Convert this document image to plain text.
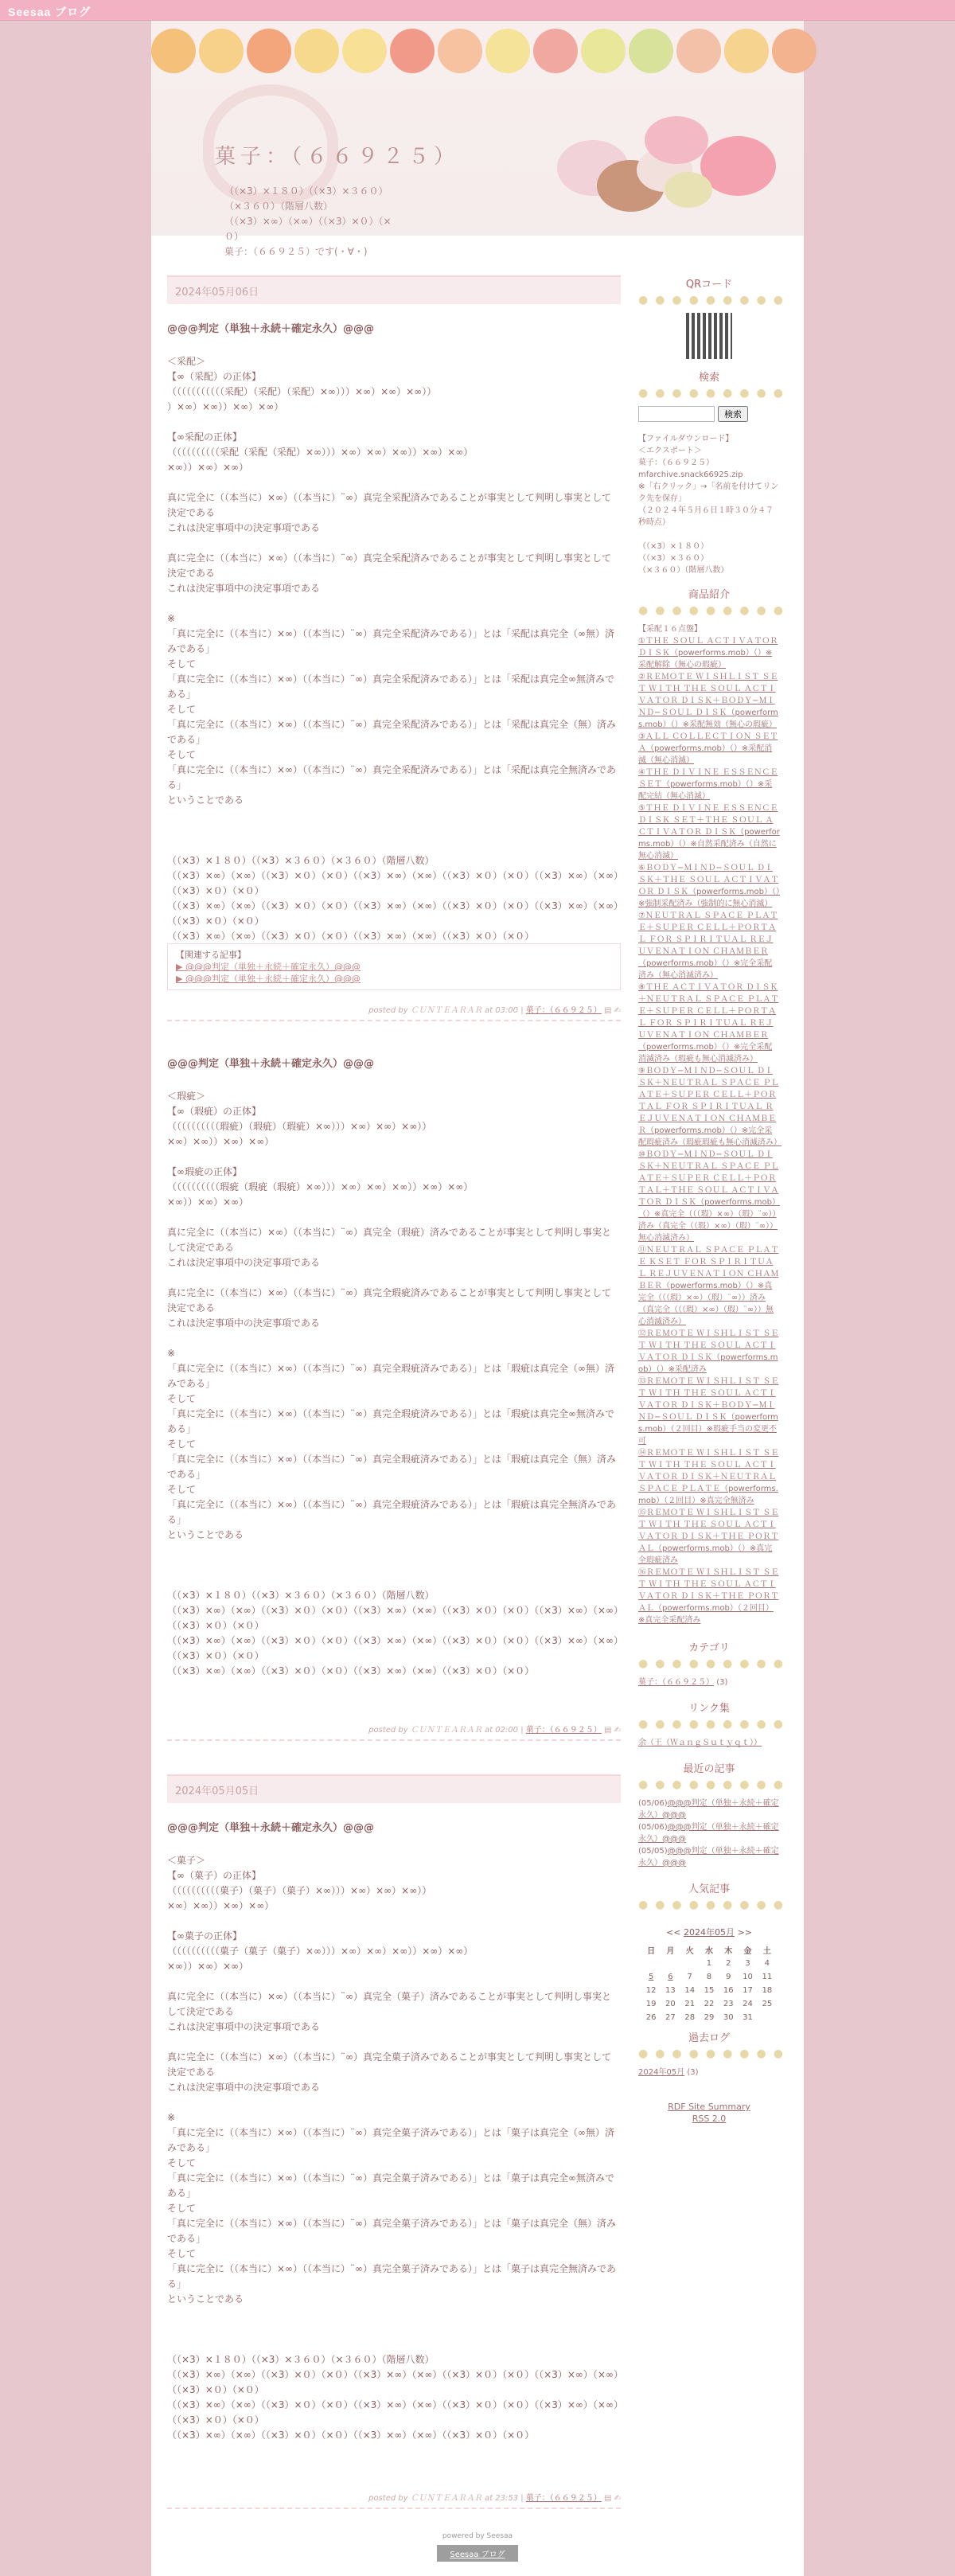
Seesaa ブログ
菓子：（６６９２５）
（（×3）×１８０）（（×3）×３６０）
（×３６０）（階層八数）
（（×3）×∞）（×∞）（（×3）×０）（×
０）
菓子：（６６９２５）です(・∀・)
2024年05月06日
@@@判定（単独＋永続＋確定永久）@@@
＜采配＞
【∞（采配）の正体】
（（（（（（（（（（（采配）（采配）（采配）×∞）））×∞）×∞）×∞））
）×∞）×∞））×∞）×∞）

【∞采配の正体】
（（（（（（（（（（采配（采配（采配）×∞）））×∞）×∞）×∞））×∞）×∞）
×∞））×∞）×∞）

真に完全に（（本当に）×∞）（（本当に）¨∞）真完全采配済みであることが事実として判明し事実として決定である
これは決定事項中の決定事項である

真に完全に（（本当に）×∞）（（本当に）¨∞）真完全采配済みであることが事実として判明し事実として決定である
これは決定事項中の決定事項である

※
「真に完全に（（本当に）×∞）（（本当に）¨∞）真完全采配済みである）」とは「采配は真完全（∞無）済みである」
そして
「真に完全に（（本当に）×∞）（（本当に）¨∞）真完全采配済みである）」とは「采配は真完全∞無済みである」
そして
「真に完全に（（本当に）×∞）（（本当に）¨∞）真完全采配済みである）」とは「采配は真完全（無）済みである」
そして
「真に完全に（（本当に）×∞）（（本当に）¨∞）真完全采配済みである）」とは「采配は真完全無済みである」
ということである

（（×3）×１８０）（（×3）×３６０）（×３６０）（階層八数）
（（×3）×∞）（×∞）（（×3）×０）（×０）（（×3）×∞）（×∞）（（×3）×０）（×０）（（×3）×∞）（×∞）（（×3）×０）（×０）
（（×3）×∞）（×∞）（（×3）×０）（×０）（（×3）×∞）（×∞）（（×3）×０）（×０）（（×3）×∞）（×∞）（（×3）×０）（×０）
（（×3）×∞）（×∞）（（×3）×０）（×０）（（×3）×∞）（×∞）（（×3）×０）（×０）
【関連する記事】
▶ @@@判定（単独＋永続＋確定永久）@@@
▶ @@@判定（単独＋永続＋確定永久）@@@
posted by ＣＵＮＴＥＡＲＡＲ at 03:00 | 菓子：（６６９２５） ▤ ✍
@@@判定（単独＋永続＋確定永久）@@@
＜瑕疵＞
【∞（瑕疵）の正体】
（（（（（（（（（（瑕疵）（瑕疵）（瑕疵）×∞）））×∞）×∞）×∞））
×∞）×∞））×∞）×∞）

【∞瑕疵の正体】
（（（（（（（（（（瑕疵（瑕疵（瑕疵）×∞）））×∞）×∞）×∞））×∞）×∞）
×∞））×∞）×∞）

真に完全に（（本当に）×∞）（（本当に）¨∞）真完全（瑕疵）済みであることが事実として判明し事実として決定である
これは決定事項中の決定事項である

真に完全に（（本当に）×∞）（（本当に）¨∞）真完全瑕疵済みであることが事実として判明し事実として決定である
これは決定事項中の決定事項である

※
「真に完全に（（本当に）×∞）（（本当に）¨∞）真完全瑕疵済みである）」とは「瑕疵は真完全（∞無）済みである」
そして
「真に完全に（（本当に）×∞）（（本当に）¨∞）真完全瑕疵済みである）」とは「瑕疵は真完全∞無済みである」
そして
「真に完全に（（本当に）×∞）（（本当に）¨∞）真完全瑕疵済みである）」とは「瑕疵は真完全（無）済みである」
そして
「真に完全に（（本当に）×∞）（（本当に）¨∞）真完全瑕疵済みである）」とは「瑕疵は真完全無済みである」
ということである

（（×3）×１８０）（（×3）×３６０）（×３６０）（階層八数）
（（×3）×∞）（×∞）（（×3）×０）（×０）（（×3）×∞）（×∞）（（×3）×０）（×０）（（×3）×∞）（×∞）（（×3）×０）（×０）
（（×3）×∞）（×∞）（（×3）×０）（×０）（（×3）×∞）（×∞）（（×3）×０）（×０）（（×3）×∞）（×∞）（（×3）×０）（×０）
（（×3）×∞）（×∞）（（×3）×０）（×０）（（×3）×∞）（×∞）（（×3）×０）（×０）
posted by ＣＵＮＴＥＡＲＡＲ at 02:00 | 菓子：（６６９２５） ▤ ✍
2024年05月05日
@@@判定（単独＋永続＋確定永久）@@@
＜菓子＞
【∞（菓子）の正体】
（（（（（（（（（（菓子）（菓子）（菓子）×∞）））×∞）×∞）×∞））
×∞）×∞））×∞）×∞）

【∞菓子の正体】
（（（（（（（（（（菓子（菓子（菓子）×∞）））×∞）×∞）×∞））×∞）×∞）
×∞））×∞）×∞）

真に完全に（（本当に）×∞）（（本当に）¨∞）真完全（菓子）済みであることが事実として判明し事実として決定である
これは決定事項中の決定事項である

真に完全に（（本当に）×∞）（（本当に）¨∞）真完全菓子済みであることが事実として判明し事実として決定である
これは決定事項中の決定事項である

※
「真に完全に（（本当に）×∞）（（本当に）¨∞）真完全菓子済みである）」とは「菓子は真完全（∞無）済みである」
そして
「真に完全に（（本当に）×∞）（（本当に）¨∞）真完全菓子済みである）」とは「菓子は真完全∞無済みである」
そして
「真に完全に（（本当に）×∞）（（本当に）¨∞）真完全菓子済みである）」とは「菓子は真完全（無）済みである」
そして
「真に完全に（（本当に）×∞）（（本当に）¨∞）真完全菓子済みである）」とは「菓子は真完全無済みである」
ということである

（（×3）×１８０）（（×3）×３６０）（×３６０）（階層八数）
（（×3）×∞）（×∞）（（×3）×０）（×０）（（×3）×∞）（×∞）（（×3）×０）（×０）（（×3）×∞）（×∞）（（×3）×０）（×０）
（（×3）×∞）（×∞）（（×3）×０）（×０）（（×3）×∞）（×∞）（（×3）×０）（×０）（（×3）×∞）（×∞）（（×3）×０）（×０）
（（×3）×∞）（×∞）（（×3）×０）（×０）（（×3）×∞）（×∞）（（×3）×０）（×０）
posted by ＣＵＮＴＥＡＲＡＲ at 23:53 | 菓子：（６６９２５） ▤ ✍
QRコード
●●●●●●●●●
検索
●●●●●●●●●
検索
【ファイルダウンロード】
＜エクスポート＞
菓子：（６６９２５）
mfarchive.snack66925.zip
※「右クリック」→「名前を付けてリンク先を保存」
（２０２４年５月６日１時３０分４７秒時点）

（（×3）×１８０）
（（×3）×３６０）
（×３６０）（階層八数）
商品紹介
●●●●●●●●●
【采配１６点盤】
①ＴＨＥ ＳＯＵＬ ＡＣＴＩＶＡＴＯＲ ＤＩＳＫ（powerforms.mob）（）※采配解除（無心の瑕疵）
②ＲＥＭＯＴＥ ＷＩＳＨＬＩＳＴ ＳＥＴ ＷＩＴＨ ＴＨＥ ＳＯＵＬ ＡＣＴＩＶＡＴＯＲ ＤＩＳＫ＋ＢＯＤＹ−ＭＩＮＤ−ＳＯＵＬ ＤＩＳＫ（powerforms.mob）（）※采配無効（無心の瑕疵）
③ＡＬＬ ＣＯＬＬＥＣＴＩＯＮ ＳＥＴ Ａ（powerforms.mob）（）※采配消滅（無心消滅）
④ＴＨＥ ＤＩＶＩＮＥ ＥＳＳＥＮＣＥ ＳＥＴ（powerforms.mob）（）※采配完結（無心消滅）
⑤ＴＨＥ ＤＩＶＩＮＥ ＥＳＳＥＮＣＥ ＤＩＳＫ ＳＥＴ＋ＴＨＥ ＳＯＵＬ ＡＣＴＩＶＡＴＯＲ ＤＩＳＫ（powerforms.mob）（）※自然采配済み（自然に無心消滅）
⑥ＢＯＤＹ−ＭＩＮＤ−ＳＯＵＬ ＤＩＳＫ＋ＴＨＥ ＳＯＵＬ ＡＣＴＩＶＡＴＯＲ ＤＩＳＫ（powerforms.mob）（）※強制采配済み（強制的に無心消滅）
⑦ＮＥＵＴＲＡＬ ＳＰＡＣＥ ＰＬＡＴＥ＋ＳＵＰＥＲ ＣＥＬＬ＋ＰＯＲＴＡＬ ＦＯＲ ＳＰＩＲＩＴＵＡＬ ＲＥＪＵＶＥＮＡＴＩＯＮ ＣＨＡＭＢＥＲ（powerforms.mob）（）※完全采配済み（無心消滅済み）
⑧ＴＨＥ ＡＣＴＩＶＡＴＯＲ ＤＩＳＫ＋ＮＥＵＴＲＡＬ ＳＰＡＣＥ ＰＬＡＴＥ＋ＳＵＰＥＲ ＣＥＬＬ＋ＰＯＲＴＡＬ ＦＯＲ ＳＰＩＲＩＴＵＡＬ ＲＥＪＵＶＥＮＡＴＩＯＮ ＣＨＡＭＢＥＲ（powerforms.mob）（）※完全采配消滅済み（瑕疵も無心消滅済み）
⑨ＢＯＤＹ−ＭＩＮＤ−ＳＯＵＬ ＤＩＳＫ＋ＮＥＵＴＲＡＬ ＳＰＡＣＥ ＰＬＡＴＥ＋ＳＵＰＥＲ ＣＥＬＬ＋ＰＯＲＴＡＬ ＦＯＲ ＳＰＩＲＩＴＵＡＬ ＲＥＪＵＶＥＮＡＴＩＯＮ ＣＨＡＭＢＥＲ（powerforms.mob）（）※完全采配瑕疵済み（瑕疵瑕疵も無心消滅済み）
⑩ＢＯＤＹ−ＭＩＮＤ−ＳＯＵＬ ＤＩＳＫ＋ＮＥＵＴＲＡＬ ＳＰＡＣＥ ＰＬＡＴＥ＋ＳＵＰＥＲ ＣＥＬＬ＋ＰＯＲＴＡＬ＋ＴＨＥ ＳＯＵＬ ＡＣＴＩＶＡＴＯＲ ＤＩＳＫ（powerforms.mob）（）※真完全（（（瑕）×∞）（瑕）¨∞））済み（真完全（（瑕）×∞）（瑕）¨∞））無心消滅済み）
⑪ＮＥＵＴＲＡＬ ＳＰＡＣＥ ＰＬＡＴＥ ＫＳＥＴ ＦＯＲ ＳＰＩＲＩＴＵＡＬ ＲＥＪＵＶＥＮＡＴＩＯＮ ＣＨＡＭＢＥＲ（powerforms.mob）（）※真完全（（（瑕）×∞）（瑕）¨∞））済み（真完全（（（瑕）×∞）（瑕）¨∞））無心消滅済み）
⑫ＲＥＭＯＴＥ ＷＩＳＨＬＩＳＴ ＳＥＴ ＷＩＴＨ ＴＨＥ ＳＯＵＬ ＡＣＴＩＶＡＴＯＲ ＤＩＳＫ（powerforms.mob）（）※采配済み
⑬ＲＥＭＯＴＥ ＷＩＳＨＬＩＳＴ ＳＥＴ ＷＩＴＨ ＴＨＥ ＳＯＵＬ ＡＣＴＩＶＡＴＯＲ ＤＩＳＫ＋ＢＯＤＹ−ＭＩＮＤ−ＳＯＵＬ ＤＩＳＫ（powerforms.mob）（２回目）※瑕疵手当の変更不可
⑭ＲＥＭＯＴＥ ＷＩＳＨＬＩＳＴ ＳＥＴ ＷＩＴＨ ＴＨＥ ＳＯＵＬ ＡＣＴＩＶＡＴＯＲ ＤＩＳＫ＋ＮＥＵＴＲＡＬ ＳＰＡＣＥ ＰＬＡＴＥ（powerforms.mob）（２回目）※真完全無済み
⑮ＲＥＭＯＴＥ ＷＩＳＨＬＩＳＴ ＳＥＴ ＷＩＴＨ ＴＨＥ ＳＯＵＬ ＡＣＴＩＶＡＴＯＲ ＤＩＳＫ＋ＴＨＥ ＰＯＲＴＡＬ（powerforms.mob）（）※真完全瑕疵済み
⑯ＲＥＭＯＴＥ ＷＩＳＨＬＩＳＴ ＳＥＴ ＷＩＴＨ ＴＨＥ ＳＯＵＬ ＡＣＴＩＶＡＴＯＲ ＤＩＳＫ＋ＴＨＥ ＰＯＲＴＡＬ（powerforms.mob）（２回目）※真完全采配済み
カテゴリ
●●●●●●●●●
菓子：（６６９２５） (3)
リンク集
●●●●●●●●●
余（王（ＷａｎｇＳｕｔｙｑｔ））
最近の記事
●●●●●●●●●
(05/06)@@@判定（単独＋永続＋確定永久）@@@
(05/06)@@@判定（単独＋永続＋確定永久）@@@
(05/05)@@@判定（単独＋永続＋確定永久）@@@
人気記事
●●●●●●●●●
<< 2024年05月 >>
日	月	火	水	木	金	土
			1	2	3	4
5	6	7	8	9	10	11
12	13	14	15	16	17	18
19	20	21	22	23	24	25
26	27	28	29	30	31	
過去ログ
●●●●●●●●●
2024年05月 (3)
RDF Site Summary
RSS 2.0
powered by Seesaa
Seesaa ブログ
